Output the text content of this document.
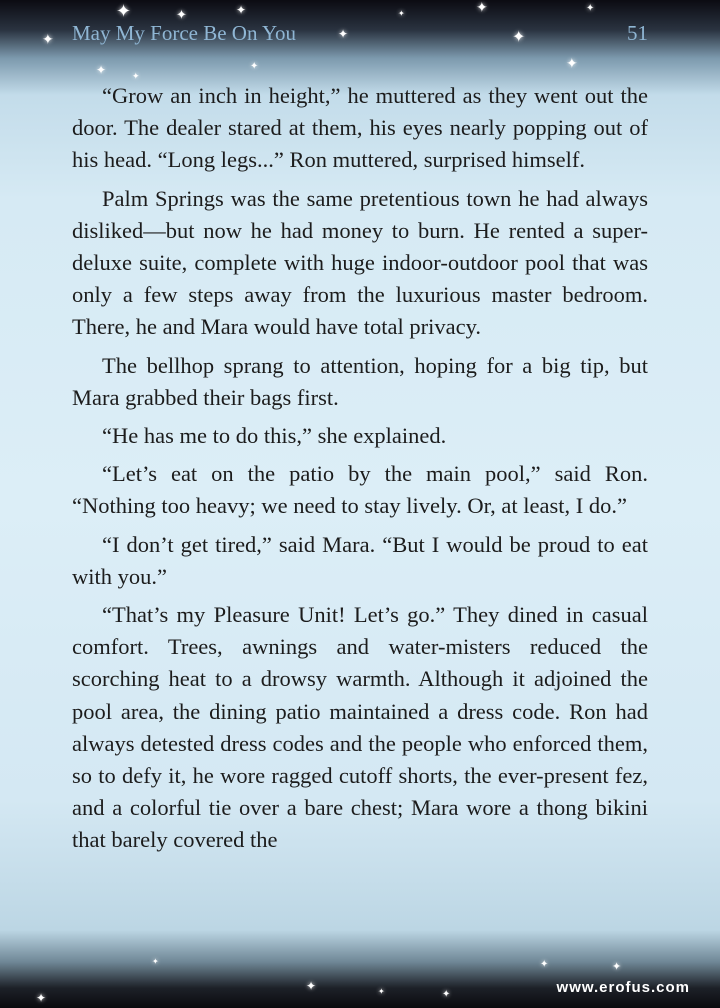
✦
✦	✦	✦
✦
✦	✦
✦
✦
✦
✦
✦	✦
✦
✦
✦	✦	✦
✦	✦
May My Force Be On You	51

“Grow an inch in height,” he muttered as they went out the door. The dealer stared at them, his eyes nearly popping out of his head. “Long legs...” Ron muttered, surprised himself.

Palm Springs was the same pretentious town he had always disliked—but now he had money to burn. He rented a super-deluxe suite, complete with huge indoor-outdoor pool that was only a few steps away from the luxurious master bedroom. There, he and Mara would have total privacy.

The bellhop sprang to attention, hoping for a big tip, but Mara grabbed their bags first.

“He has me to do this,” she explained.

“Let’s eat on the patio by the main pool,” said Ron. “Nothing too heavy; we need to stay lively. Or, at least, I do.”

“I don’t get tired,” said Mara. “But I would be proud to eat with you.”

“That’s my Pleasure Unit! Let’s go.” They dined in casual comfort. Trees, awnings and water-misters reduced the scorching heat to a drowsy warmth. Although it adjoined the pool area, the dining patio maintained a dress code. Ron had always detested dress codes and the people who enforced them, so to defy it, he wore ragged cutoff shorts, the ever-present fez, and a colorful tie over a bare chest; Mara wore a thong bikini that barely covered the

www.erofus.com
